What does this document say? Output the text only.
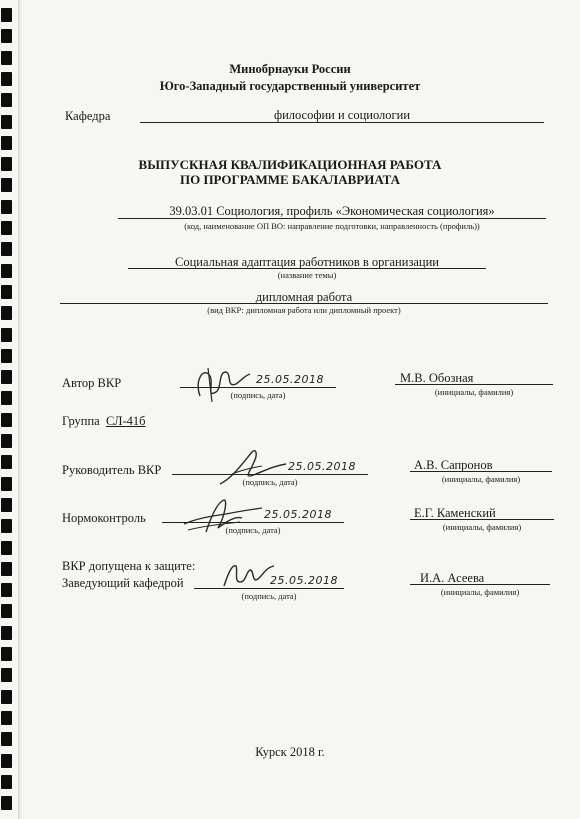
Минобрнауки России
Юго-Западный государственный университет
Кафедра	философии и социологии
ВЫПУСКНАЯ КВАЛИФИКАЦИОННАЯ РАБОТА
ПО ПРОГРАММЕ БАКАЛАВРИАТА
39.03.01 Социология, профиль «Экономическая социология»
(код, наименование ОП ВО: направление подготовки, направленность (профиль))
Социальная адаптация работников в организации
(название темы)
дипломная работа
(вид ВКР: дипломная работа или дипломный проект)
Автор ВКР	25.05.2018
(подпись, дата)
М.В. Обозная
(инициалы, фамилия)
Группа СЛ-41б
Руководитель ВКР	25.05.2018
(подпись, дата)
А.В. Сапронов
(инициалы, фамилия)
Нормоконтроль	25.05.2018
(подпись, дата)
Е.Г. Каменский
(инициалы, фамилия)
ВКР допущена к защите:
Заведующий кафедрой	25.05.2018
(подпись, дата)
И.А. Асеева
(инициалы, фамилия)
Курск 2018 г.
